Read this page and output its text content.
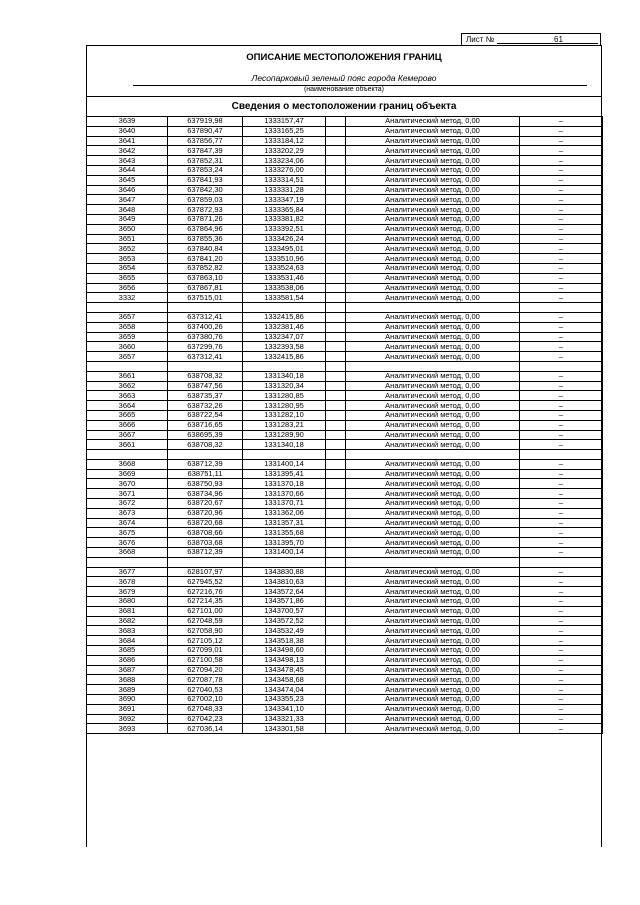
Лист №	61
ОПИСАНИЕ МЕСТОПОЛОЖЕНИЯ ГРАНИЦ
Лесопарковый зеленый пояс города Кемерово
(наименование объекта)
Сведения о местоположении границ объекта
3639	637919,98	1333157,47		Аналитический метод, 0,00	–
3640	637890,47	1333165,25		Аналитический метод, 0,00	–
3641	637856,77	1333184,12		Аналитический метод, 0,00	–
3642	637847,39	1333202,29		Аналитический метод, 0,00	–
3643	637852,31	1333234,06		Аналитический метод, 0,00	–
3644	637853,24	1333276,00		Аналитический метод, 0,00	–
3645	637841,93	1333314,51		Аналитический метод, 0,00	–
3646	637842,30	1333331,28		Аналитический метод, 0,00	–
3647	637859,03	1333347,19		Аналитический метод, 0,00	–
3648	637872,93	1333365,84		Аналитический метод, 0,00	–
3649	637871,26	1333381,82		Аналитический метод, 0,00	–
3650	637864,96	1333392,51		Аналитический метод, 0,00	–
3651	637855,36	1333426,24		Аналитический метод, 0,00	–
3652	637840,84	1333495,01		Аналитический метод, 0,00	–
3653	637841,20	1333510,96		Аналитический метод, 0,00	–
3654	637852,82	1333524,63		Аналитический метод, 0,00	–
3655	637863,10	1333531,46		Аналитический метод, 0,00	–
3656	637867,81	1333538,06		Аналитический метод, 0,00	–
3332	637515,01	1333581,54		Аналитический метод, 0,00	–

3657	637312,41	1332415,86		Аналитический метод, 0,00	–
3658	637400,26	1332381,46		Аналитический метод, 0,00	–
3659	637380,76	1332347,07		Аналитический метод, 0,00	–
3660	637299,76	1332393,58		Аналитический метод, 0,00	–
3657	637312,41	1332415,86		Аналитический метод, 0,00	–

3661	638708,32	1331340,18		Аналитический метод, 0,00	–
3662	638747,56	1331320,34		Аналитический метод, 0,00	–
3663	638735,37	1331280,85		Аналитический метод, 0,00	–
3664	638732,26	1331280,95		Аналитический метод, 0,00	–
3665	638722,54	1331282,10		Аналитический метод, 0,00	–
3666	638716,65	1331283,21		Аналитический метод, 0,00	–
3667	638695,39	1331289,90		Аналитический метод, 0,00	–
3661	638708,32	1331340,18		Аналитический метод, 0,00	–

3668	638712,39	1331400,14		Аналитический метод, 0,00	–
3669	638751,11	1331395,41		Аналитический метод, 0,00	–
3670	638750,93	1331370,18		Аналитический метод, 0,00	–
3671	638734,96	1331370,66		Аналитический метод, 0,00	–
3672	638720,67	1331370,71		Аналитический метод, 0,00	–
3673	638720,96	1331362,06		Аналитический метод, 0,00	–
3674	638720,68	1331357,31		Аналитический метод, 0,00	–
3675	638708,66	1331355,68		Аналитический метод, 0,00	–
3676	638703,68	1331395,70		Аналитический метод, 0,00	–
3668	638712,39	1331400,14		Аналитический метод, 0,00	–

3677	628107,97	1343830,88		Аналитический метод, 0,00	–
3678	627945,52	1343810,63		Аналитический метод, 0,00	–
3679	627216,76	1343572,64		Аналитический метод, 0,00	–
3680	627214,35	1343571,86		Аналитический метод, 0,00	–
3681	627101,00	1343700,57		Аналитический метод, 0,00	–
3682	627048,59	1343572,52		Аналитический метод, 0,00	–
3683	627058,90	1343532,49		Аналитический метод, 0,00	–
3684	627105,12	1343518,38		Аналитический метод, 0,00	–
3685	627099,01	1343498,60		Аналитический метод, 0,00	–
3686	627100,58	1343498,13		Аналитический метод, 0,00	–
3687	627094,20	1343478,45		Аналитический метод, 0,00	–
3688	627087,78	1343458,68		Аналитический метод, 0,00	–
3689	627040,53	1343474,04		Аналитический метод, 0,00	–
3690	627002,10	1343355,23		Аналитический метод, 0,00	–
3691	627048,33	1343341,10		Аналитический метод, 0,00	–
3692	627042,23	1343321,33		Аналитический метод, 0,00	–
3693	627036,14	1343301,58		Аналитический метод, 0,00	–
